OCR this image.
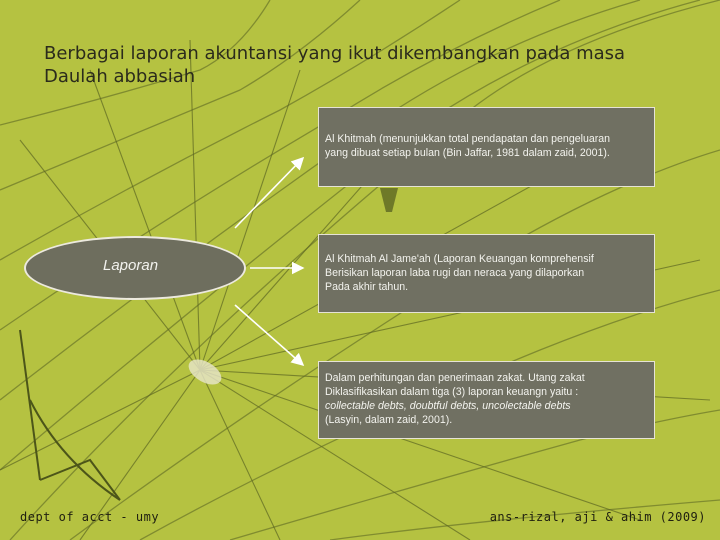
Berbagai laporan akuntansi yang ikut dikembangkan pada masa Daulah abbasiah
Laporan
Al Khitmah (menunjukkan total pendapatan dan pengeluaran
yang dibuat setiap bulan (Bin Jaffar, 1981 dalam zaid, 2001).
Al Khitmah Al Jame'ah (Laporan Keuangan komprehensif
Berisikan laporan laba rugi dan neraca yang dilaporkan
Pada akhir tahun.
Dalam perhitungan dan penerimaan zakat. Utang zakat
Diklasifikasikan dalam tiga (3) laporan keuangn yaitu :
collectable debts, doubtful debts, uncolectable debts
(Lasyin, dalam zaid, 2001).
dept of acct - umy	ans-rizal, aji & ahim (2009)
